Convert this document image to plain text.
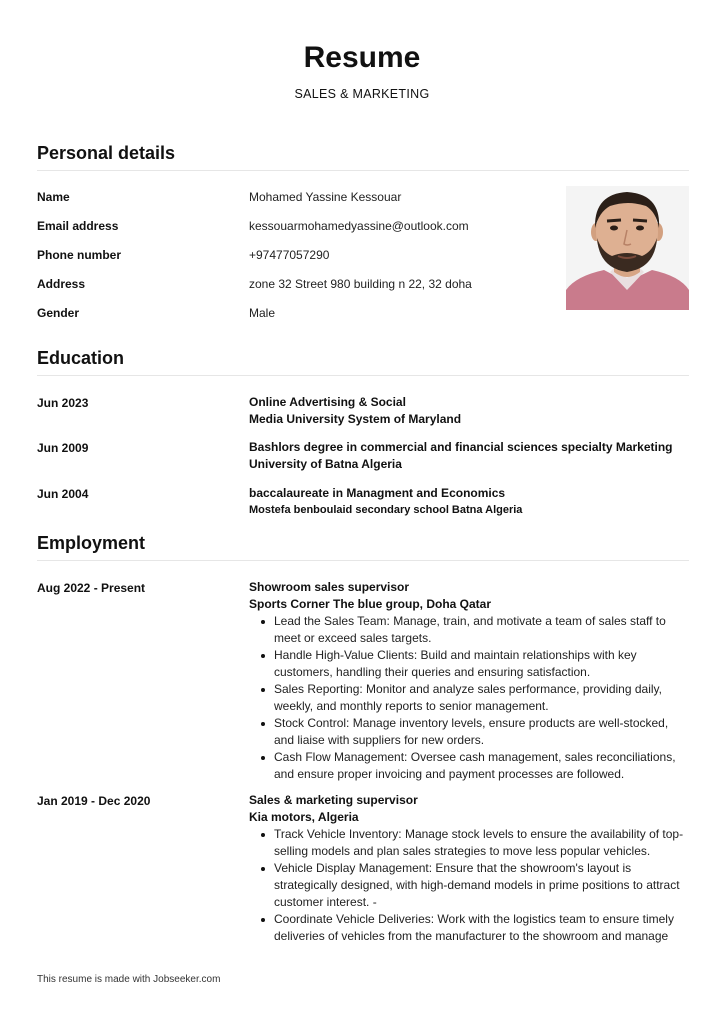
Resume
SALES & MARKETING
Personal details
Name	Mohamed Yassine Kessouar
Email address	kessouarmohamedyassine@outlook.com
Phone number	+97477057290
Address	zone 32 Street 980 building n 22, 32 doha
Gender	Male
Education
Jun 2023	Online Advertising & Social
Media University System of Maryland
Jun 2009	Bashlors degree in commercial and financial sciences specialty Marketing
University of Batna Algeria
Jun 2004	baccalaureate in Managment and Economics
Mostefa benboulaid secondary school Batna Algeria
Employment
Aug 2022 - Present	Showroom sales supervisor
Sports Corner The blue group, Doha Qatar
Lead the Sales Team: Manage, train, and motivate a team of sales staff to meet or exceed sales targets.
Handle High-Value Clients: Build and maintain relationships with key customers, handling their queries and ensuring satisfaction.
Sales Reporting: Monitor and analyze sales performance, providing daily, weekly, and monthly reports to senior management.
Stock Control: Manage inventory levels, ensure products are well-stocked, and liaise with suppliers for new orders.
Cash Flow Management: Oversee cash management, sales reconciliations, and ensure proper invoicing and payment processes are followed.
Jan 2019 - Dec 2020	Sales & marketing supervisor
Kia motors, Algeria
Track Vehicle Inventory: Manage stock levels to ensure the availability of top-selling models and plan sales strategies to move less popular vehicles.
Vehicle Display Management: Ensure that the showroom's layout is strategically designed, with high-demand models in prime positions to attract customer interest. -
Coordinate Vehicle Deliveries: Work with the logistics team to ensure timely deliveries of vehicles from the manufacturer to the showroom and manage
This resume is made with Jobseeker.com
